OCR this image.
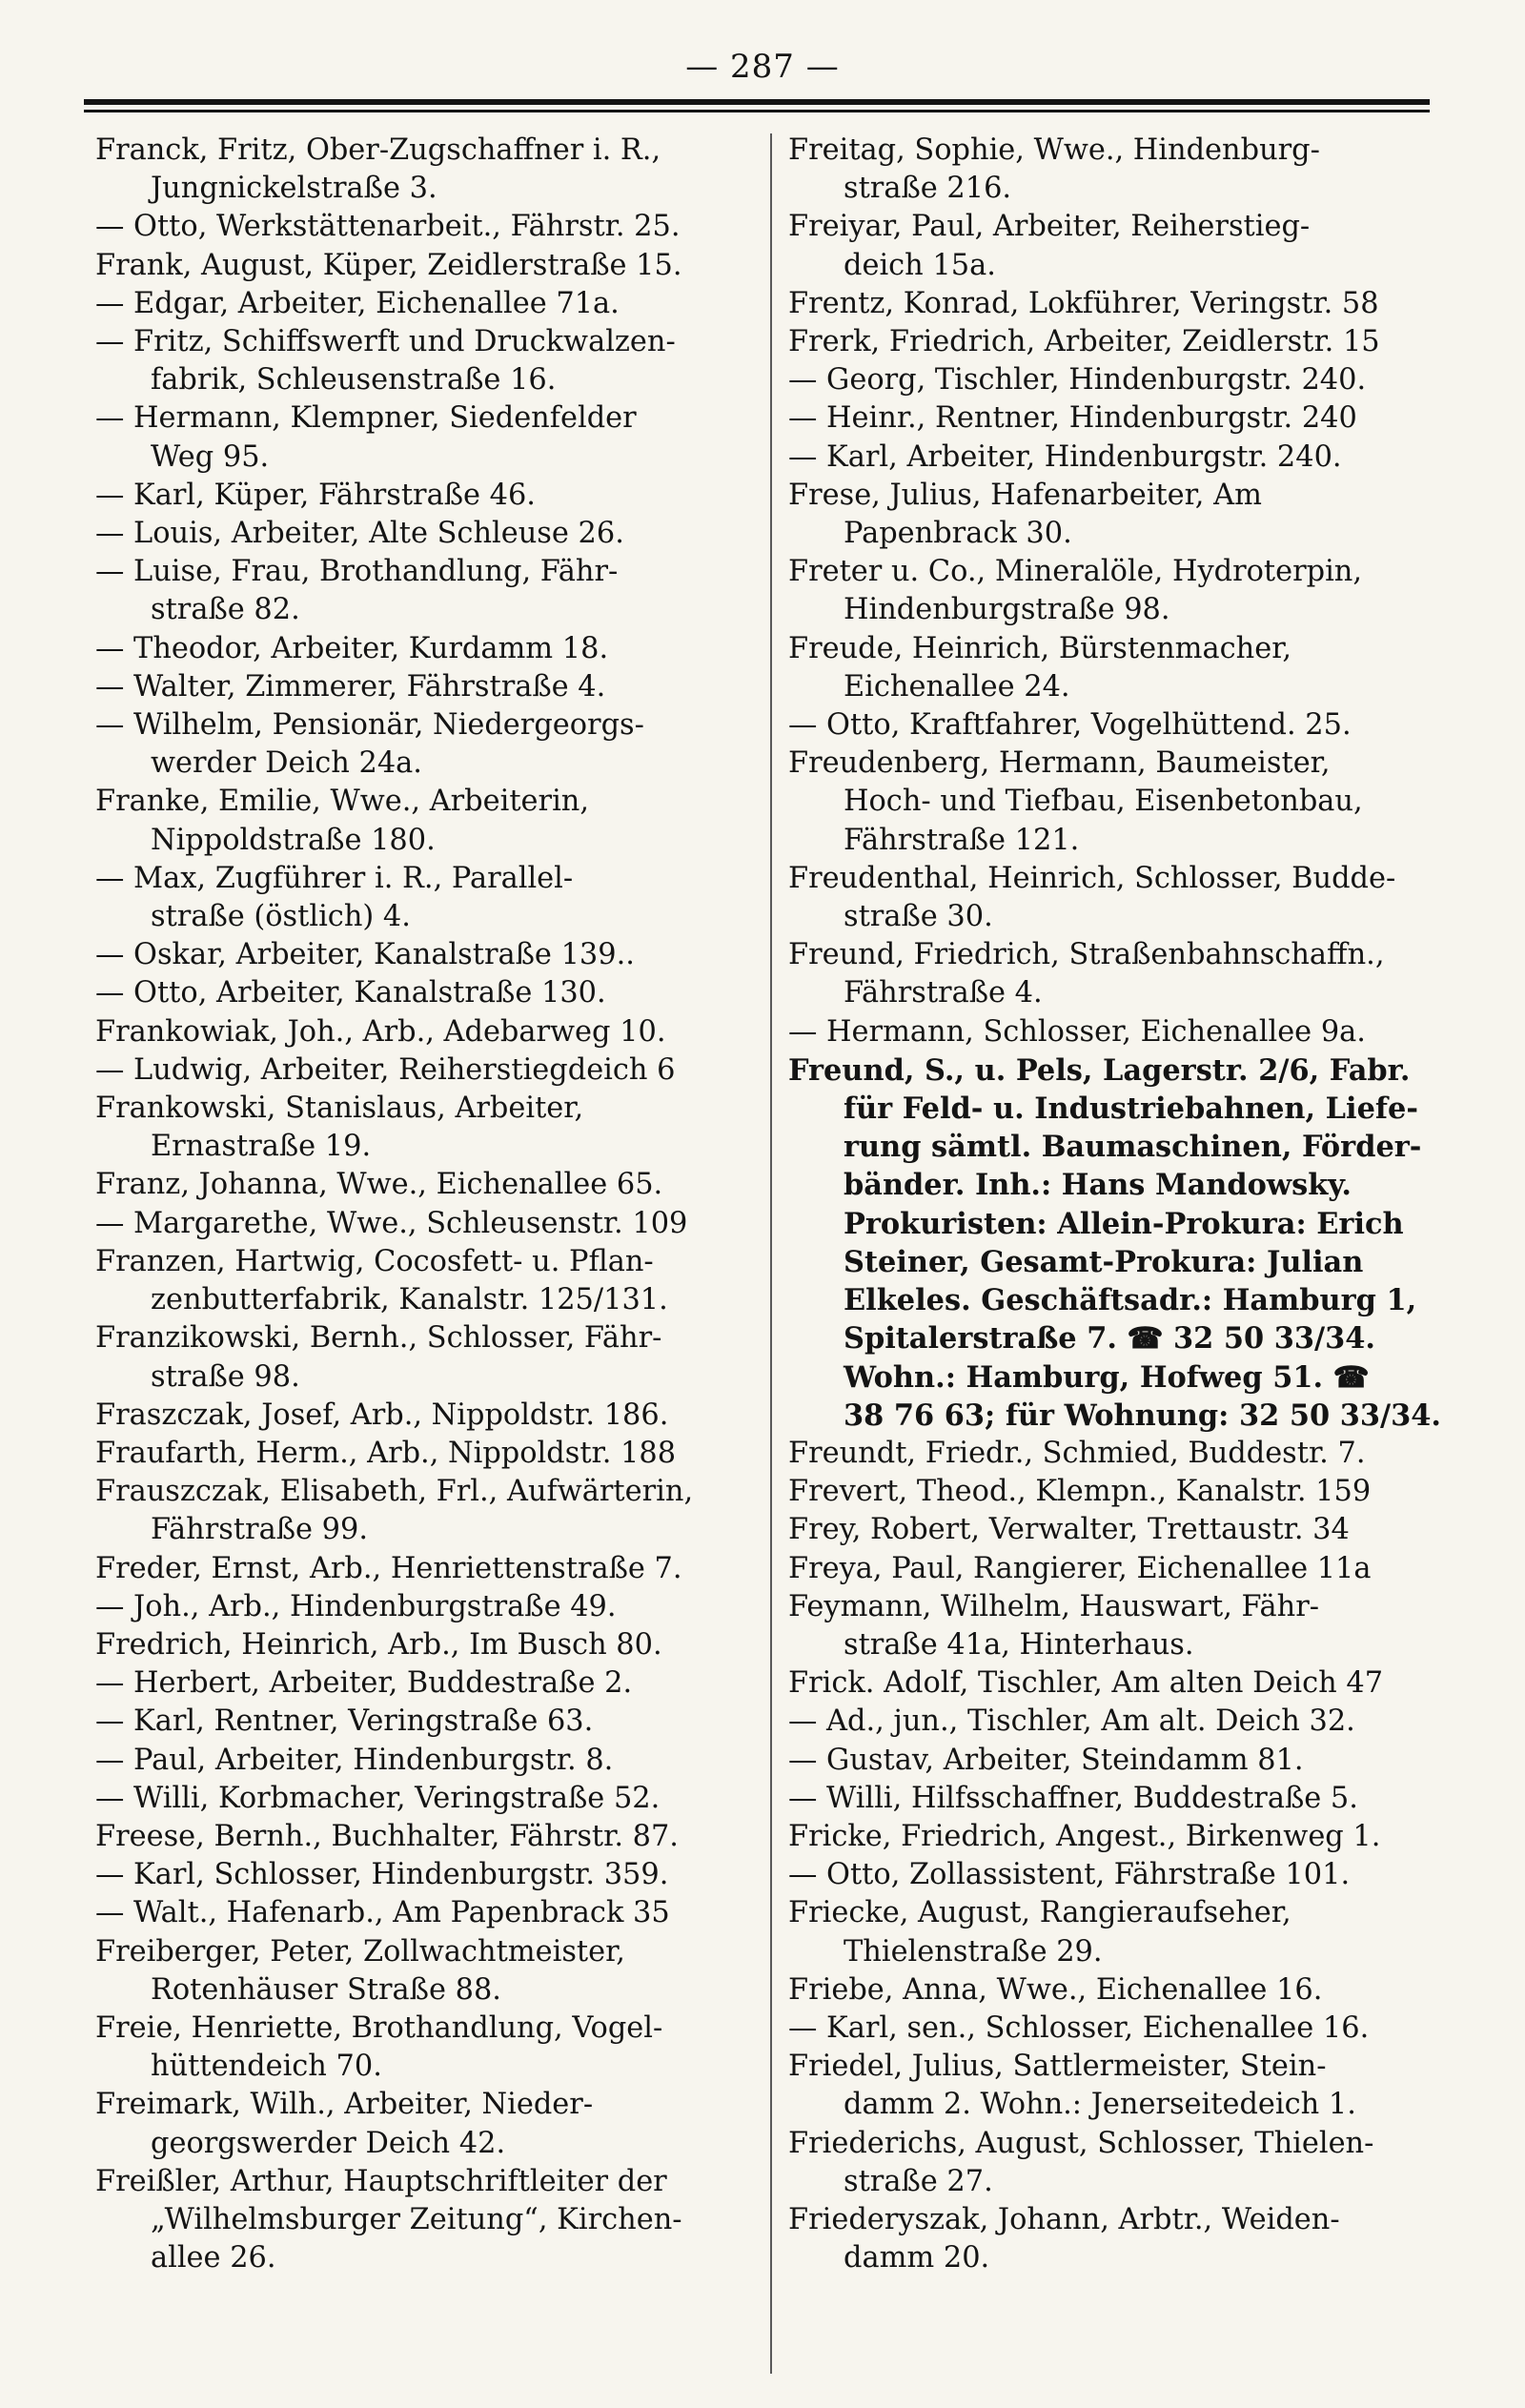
— 287 —
Franck, Fritz, Ober-Zugschaffner i. R.,
Jungnickelstraße 3.
— Otto, Werkstättenarbeit., Fährstr. 25.
Frank, August, Küper, Zeidlerstraße 15.
— Edgar, Arbeiter, Eichenallee 71a.
— Fritz, Schiffswerft und Druckwalzen-
fabrik, Schleusenstraße 16.
— Hermann, Klempner, Siedenfelder
Weg 95.
— Karl, Küper, Fährstraße 46.
— Louis, Arbeiter, Alte Schleuse 26.
— Luise, Frau, Brothandlung, Fähr-
straße 82.
— Theodor, Arbeiter, Kurdamm 18.
— Walter, Zimmerer, Fährstraße 4.
— Wilhelm, Pensionär, Niedergeorgs-
werder Deich 24a.
Franke, Emilie, Wwe., Arbeiterin,
Nippoldstraße 180.
— Max, Zugführer i. R., Parallel-
straße (östlich) 4.
— Oskar, Arbeiter, Kanalstraße 139..
— Otto, Arbeiter, Kanalstraße 130.
Frankowiak, Joh., Arb., Adebarweg 10.
— Ludwig, Arbeiter, Reiherstiegdeich 6
Frankowski, Stanislaus, Arbeiter,
Ernastraße 19.
Franz, Johanna, Wwe., Eichenallee 65.
— Margarethe, Wwe., Schleusenstr. 109
Franzen, Hartwig, Cocosfett- u. Pflan-
zenbutterfabrik, Kanalstr. 125/131.
Franzikowski, Bernh., Schlosser, Fähr-
straße 98.
Fraszczak, Josef, Arb., Nippoldstr. 186.
Fraufarth, Herm., Arb., Nippoldstr. 188
Frauszczak, Elisabeth, Frl., Aufwärterin,
Fährstraße 99.
Freder, Ernst, Arb., Henriettenstraße 7.
— Joh., Arb., Hindenburgstraße 49.
Fredrich, Heinrich, Arb., Im Busch 80.
— Herbert, Arbeiter, Buddestraße 2.
— Karl, Rentner, Veringstraße 63.
— Paul, Arbeiter, Hindenburgstr. 8.
— Willi, Korbmacher, Veringstraße 52.
Freese, Bernh., Buchhalter, Fährstr. 87.
— Karl, Schlosser, Hindenburgstr. 359.
— Walt., Hafenarb., Am Papenbrack 35
Freiberger, Peter, Zollwachtmeister,
Rotenhäuser Straße 88.
Freie, Henriette, Brothandlung, Vogel-
hüttendeich 70.
Freimark, Wilh., Arbeiter, Nieder-
georgswerder Deich 42.
Freißler, Arthur, Hauptschriftleiter der
„Wilhelmsburger Zeitung“, Kirchen-
allee 26.
Freitag, Sophie, Wwe., Hindenburg-
straße 216.
Freiyar, Paul, Arbeiter, Reiherstieg-
deich 15a.
Frentz, Konrad, Lokführer, Veringstr. 58
Frerk, Friedrich, Arbeiter, Zeidlerstr. 15
— Georg, Tischler, Hindenburgstr. 240.
— Heinr., Rentner, Hindenburgstr. 240
— Karl, Arbeiter, Hindenburgstr. 240.
Frese, Julius, Hafenarbeiter, Am
Papenbrack 30.
Freter u. Co., Mineralöle, Hydroterpin,
Hindenburgstraße 98.
Freude, Heinrich, Bürstenmacher,
Eichenallee 24.
— Otto, Kraftfahrer, Vogelhüttend. 25.
Freudenberg, Hermann, Baumeister,
Hoch- und Tiefbau, Eisenbetonbau,
Fährstraße 121.
Freudenthal, Heinrich, Schlosser, Budde-
straße 30.
Freund, Friedrich, Straßenbahnschaffn.,
Fährstraße 4.
— Hermann, Schlosser, Eichenallee 9a.
Freund, S., u. Pels, Lagerstr. 2/6, Fabr.
für Feld- u. Industriebahnen, Liefe-
rung sämtl. Baumaschinen, Förder-
bänder. Inh.: Hans Mandowsky.
Prokuristen: Allein-Prokura: Erich
Steiner, Gesamt-Prokura: Julian
Elkeles. Geschäftsadr.: Hamburg 1,
Spitalerstraße 7. ☎ 32 50 33/34.
Wohn.: Hamburg, Hofweg 51. ☎
38 76 63; für Wohnung: 32 50 33/34.
Freundt, Friedr., Schmied, Buddestr. 7.
Frevert, Theod., Klempn., Kanalstr. 159
Frey, Robert, Verwalter, Trettaustr. 34
Freya, Paul, Rangierer, Eichenallee 11a
Feymann, Wilhelm, Hauswart, Fähr-
straße 41a, Hinterhaus.
Frick. Adolf, Tischler, Am alten Deich 47
— Ad., jun., Tischler, Am alt. Deich 32.
— Gustav, Arbeiter, Steindamm 81.
— Willi, Hilfsschaffner, Buddestraße 5.
Fricke, Friedrich, Angest., Birkenweg 1.
— Otto, Zollassistent, Fährstraße 101.
Friecke, August, Rangieraufseher,
Thielenstraße 29.
Friebe, Anna, Wwe., Eichenallee 16.
— Karl, sen., Schlosser, Eichenallee 16.
Friedel, Julius, Sattlermeister, Stein-
damm 2. Wohn.: Jenerseitedeich 1.
Friederichs, August, Schlosser, Thielen-
straße 27.
Friederyszak, Johann, Arbtr., Weiden-
damm 20.
